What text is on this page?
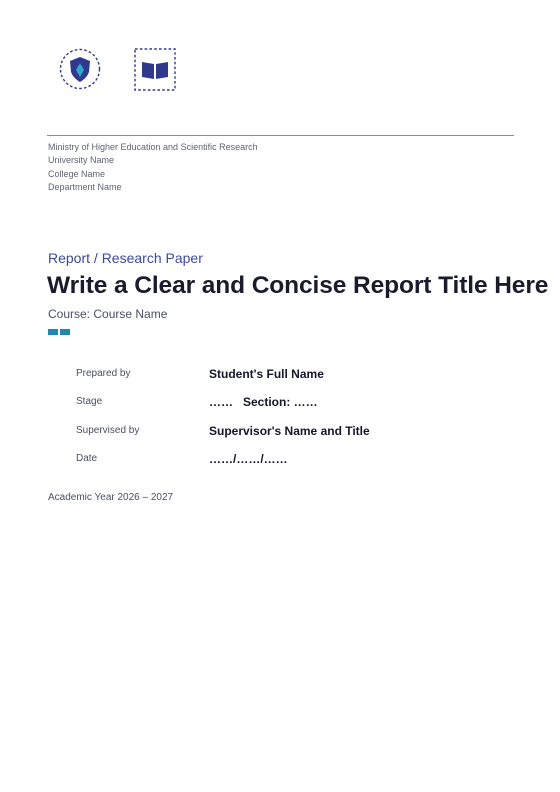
Ministry of Higher Education and Scientific Research
University Name
College Name
Department Name
Report / Research Paper
Write a Clear and Concise Report Title Here
Course: Course Name
Prepared by	Student's Full Name
Stage	……   Section: ……
Supervised by	Supervisor's Name and Title
Date	……/……/……
Academic Year 2026 – 2027
